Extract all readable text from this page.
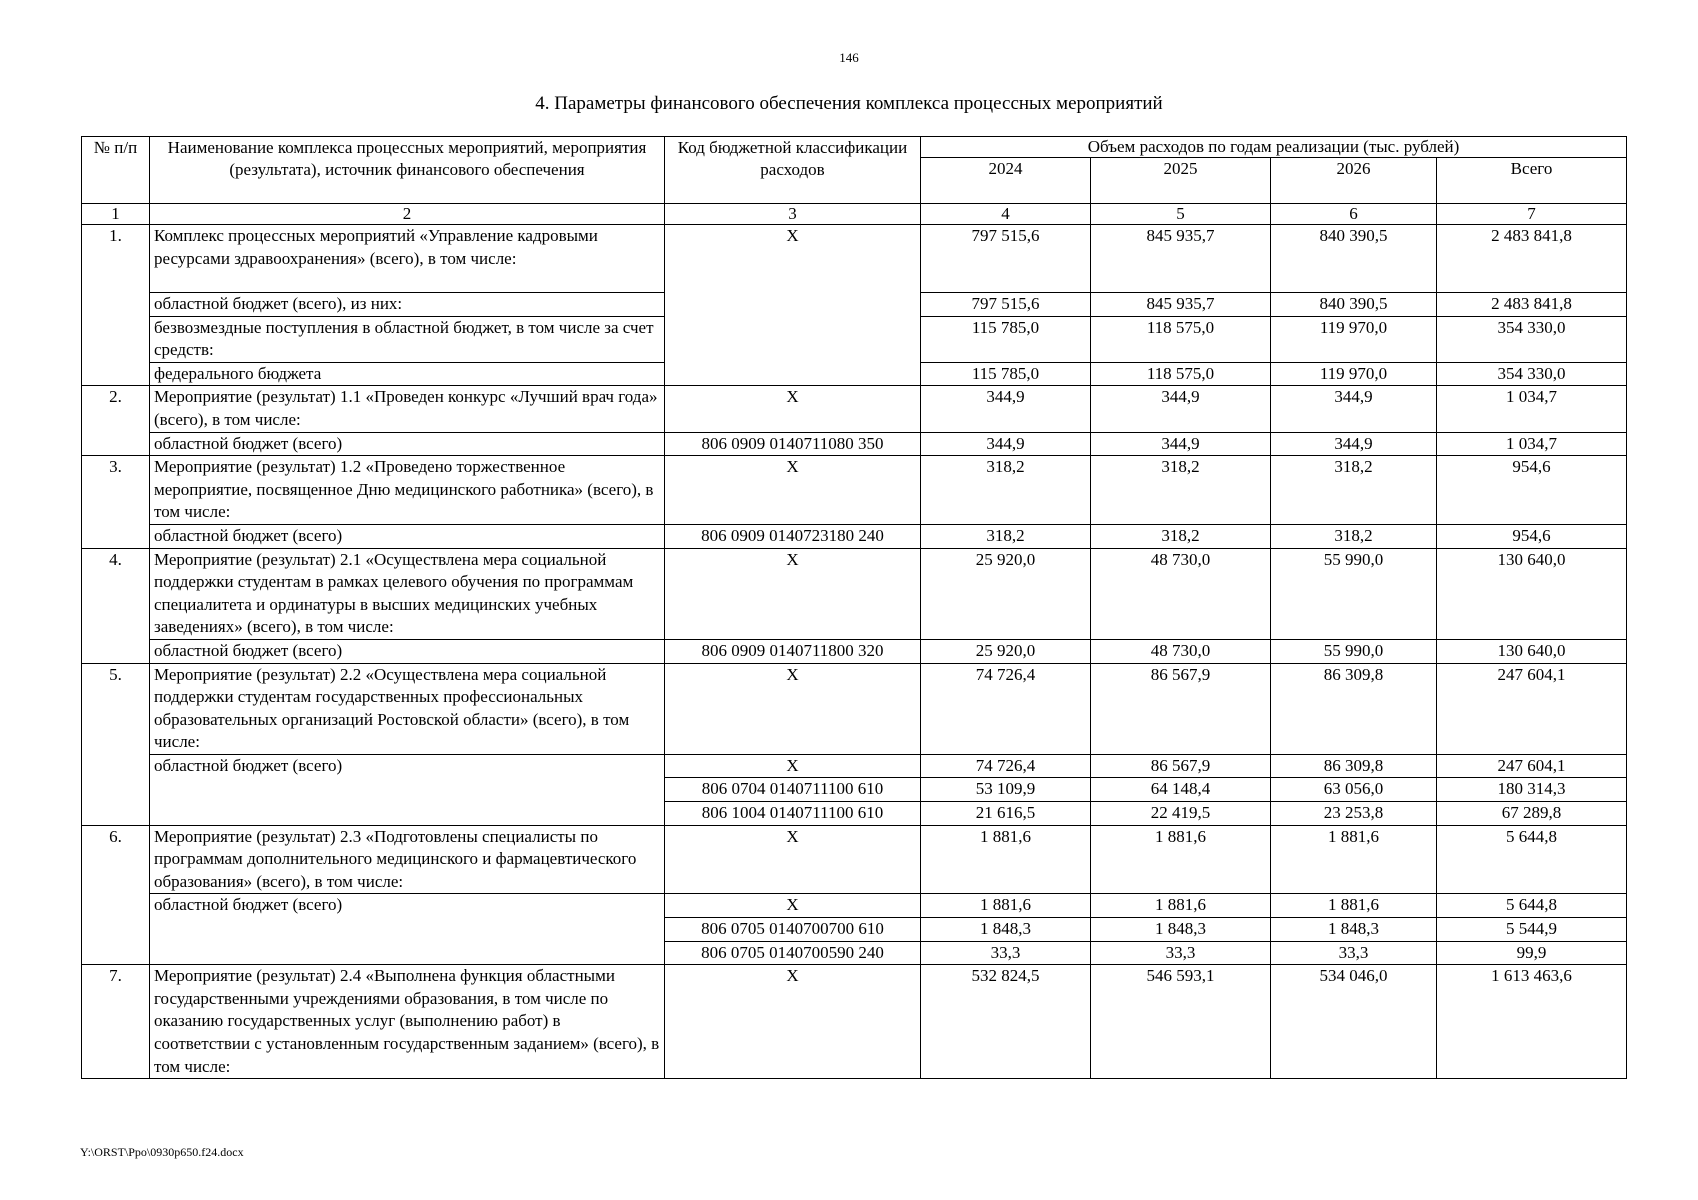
146
4. Параметры финансового обеспечения комплекса процессных мероприятий
№ п/п	Наименование комплекса процессных мероприятий, мероприятия (результата), источник финансового обеспечения	Код бюджетной классификации расходов	Объем расходов по годам реализации (тыс. рублей)			
			2024	2025	2026	Всего
1	2	3	4	5	6	7
1.	Комплекс процессных мероприятий «Управление кадровыми ресурсами здравоохранения» (всего), в том числе:	X	797 515,6	845 935,7	840 390,5	2 483 841,8
	областной бюджет (всего), из них:		797 515,6	845 935,7	840 390,5	2 483 841,8
	безвозмездные поступления в областной бюджет, в том числе за счет средств:		115 785,0	118 575,0	119 970,0	354 330,0
	федерального бюджета		115 785,0	118 575,0	119 970,0	354 330,0
2.	Мероприятие (результат) 1.1 «Проведен конкурс «Лучший врач года» (всего), в том числе:	X	344,9	344,9	344,9	1 034,7
	областной бюджет (всего)	806 0909 0140711080 350	344,9	344,9	344,9	1 034,7
3.	Мероприятие (результат) 1.2 «Проведено торжественное мероприятие, посвященное Дню медицинского работника» (всего), в том числе:	X	318,2	318,2	318,2	954,6
	областной бюджет (всего)	806 0909 0140723180 240	318,2	318,2	318,2	954,6
4.	Мероприятие (результат) 2.1 «Осуществлена мера социальной поддержки студентам в рамках целевого обучения по программам специалитета и ординатуры в высших медицинских учебных заведениях» (всего), в том числе:	X	25 920,0	48 730,0	55 990,0	130 640,0
	областной бюджет (всего)	806 0909 0140711800 320	25 920,0	48 730,0	55 990,0	130 640,0
5.	Мероприятие (результат) 2.2 «Осуществлена мера социальной поддержки студентам государственных профессиональных образовательных организаций Ростовской области» (всего), в том числе:	X	74 726,4	86 567,9	86 309,8	247 604,1
	областной бюджет (всего)	X	74 726,4	86 567,9	86 309,8	247 604,1
		806 0704 0140711100 610	53 109,9	64 148,4	63 056,0	180 314,3
		806 1004 0140711100 610	21 616,5	22 419,5	23 253,8	67 289,8
6.	Мероприятие (результат) 2.3 «Подготовлены специалисты по программам дополнительного медицинского и фармацевтического образования» (всего), в том числе:	X	1 881,6	1 881,6	1 881,6	5 644,8
	областной бюджет (всего)	X	1 881,6	1 881,6	1 881,6	5 644,8
		806 0705 0140700700 610	1 848,3	1 848,3	1 848,3	5 544,9
		806 0705 0140700590 240	33,3	33,3	33,3	99,9
7.	Мероприятие (результат) 2.4 «Выполнена функция областными государственными учреждениями образования, в том числе по оказанию государственных услуг (выполнению работ) в соответствии с установленным государственным заданием» (всего), в том числе:	X	532 824,5	546 593,1	534 046,0	1 613 463,6
Y:\ORST\Ppo\0930p650.f24.docx
